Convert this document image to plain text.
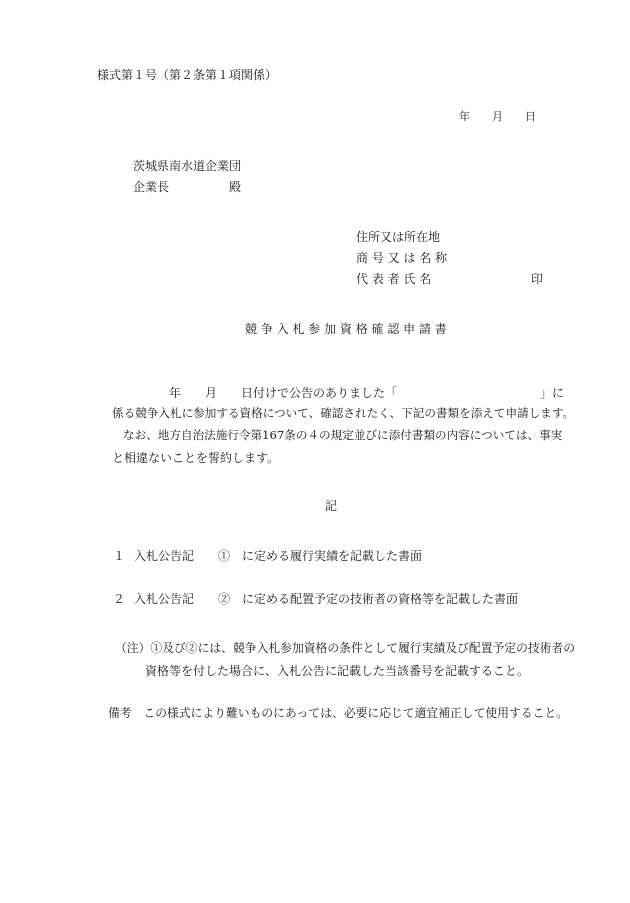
様式第１号（第２条第１項関係）
年　　月　　日
茨城県南水道企業団
企業長　　　　　殿
住所又は所在地
商 号 又 は 名 称
代 表 者 氏 名	印
競 争 入 札 参 加 資 格 確 認 申 請 書
年　　月　　日付けで公告のありました「	」に
係る競争入札に参加する資格について、確認されたく、下記の書類を添えて申請します。
なお、地方自治法施行令第167条の４の規定並びに添付書類の内容については、事実
と相違ないことを誓約します。
記
１ 入札公告記　　①　に定める履行実績を記載した書面
２ 入札公告記　　②　に定める配置予定の技術者の資格等を記載した書面
（注）①及び②には、競争入札参加資格の条件として履行実績及び配置予定の技術者の
資格等を付した場合に、入札公告に記載した当該番号を記載すること。
備考　この様式により難いものにあっては、必要に応じて適宜補正して使用すること。
